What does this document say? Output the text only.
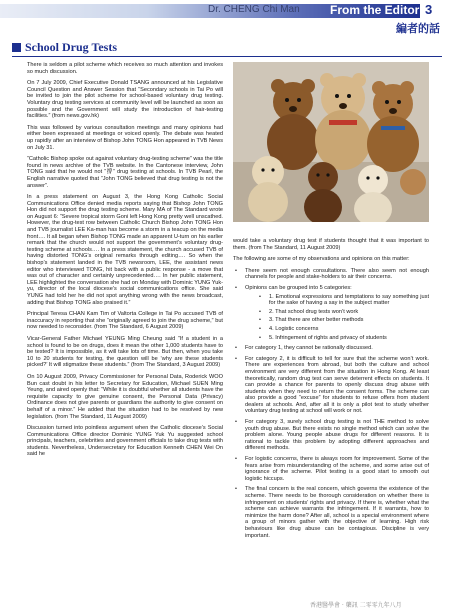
Dr. CHENG Chi Man	From the Editor 3
編者的話
School Drug Tests

There is seldom a pilot scheme which receives so much attention and invokes so much discussion.

On 7 July 2009, Chief Executive Donald TSANG announced at his Legislative Council Question and Answer Session that “Secondary schools in Tai Po will be invited to join the pilot scheme for school-based voluntary drug testing. Voluntary drug testing services at community level will be launched as soon as possible and the Government will study the introduction of hair-testing facilities.” (from news.gov.hk)

This was followed by various consultation meetings and many opinions had either been expressed at meetings or voiced openly. The debate was heated up rapidly after an interview of Bishop John TONG Hon appeared in TVB News on July 31.

“Catholic Bishop spoke out against voluntary drug-testing scheme” was the title found in news archive of the TVB website. In the Cantonese interview, John TONG said that he would not “撐” drug testing at schools. In TVB Pearl, the English narrative quoted that “John TONG believed that drug testing is not the answer”.

In a press statement on August 3, the Hong Kong Catholic Social Communications Office denied media reports saying that Bishop John TONG Hon did not support the drug testing scheme. Mary MA of The Standard wrote on August 6: “Severe tropical storm Goni left Hong Kong pretty well unscathed. However, the drug-test row between Catholic Church Bishop John TONG Hon and TVB journalist LEE Ka-man has become a storm in a teacup on the media front…. It all began when Bishop TONG made an apparent U-turn on his earlier remark that the church would not support the government’s voluntary drug-testing scheme at schools…. In a press statement, the church accused TVB of having distorted TONG’s original remarks through editing…. So when the bishop’s statement landed in the TVB newsroom, LEE, the assistant news editor who interviewed TONG, hit back with a public response - a move that was out of character and certainly unprecedented…. In her public statement, LEE highlighted the conversation she had on Monday with Dominic YUNG Yuk-yu, director of the local diocese’s social communications office. She said YUNG had told her he did not spot anything wrong with the news broadcast, adding that Bishop TONG also praised it.”

Principal Teresa CHAN Kam Tim of Valtorta College in Tai Po accused TVB of inaccuracy in reporting that she “originally agreed to join the drug scheme,” but now needed to reconsider. (from The Standard, 6 August 2009)

Vicar-General Father Michael YEUNG Ming Cheung said “If a student in a school is found to be on drugs, does it mean the other 1,000 students have to be tested? It is impossible, as it will take lots of time. But then, when you take 10 to 20 students for testing, the question will be ‘why are these students picked?’ It will stigmatize these students.” (from The Standard, 3 August 2009)

On 10 August 2009, Privacy Commissioner for Personal Data, Roderick WOO Bun cast doubt in his letter to Secretary for Education, Michael SUEN Ming Yeung, and aired openly that: “While it is doubtful whether all students have the requisite capacity to give genuine consent, the Personal Data (Privacy) Ordinance does not give parents or guardians the authority to give consent on behalf of a minor.” He added that the situation had to be resolved by new legislation. (from The Standard, 11 August 2009)

Discussion turned into pointless argument when the Catholic diocese’s Social Communications Office director Dominic YUNG Yuk Yu suggested school principals, teachers, celebrities and government officials to take drug tests with students. Nevertheless, Undersecretary for Education Kenneth CHEN Wei On said he

would take a voluntary drug test if students thought that it was important to them. (from The Standard, 11 August 2009)

The following are some of my observations and opinions on this matter:

• There seem not enough consultations. There also seem not enough channels for people and stake-holders to air their concerns.
• Opinions can be grouped into 5 categories:
• 1. Emotional expressions and temptations to say something just for the sake of having a say in the subject matter
• 2. That school drug tests won’t work
• 3. That there are other better methods
• 4. Logistic concerns
• 5. Infringement of rights and privacy of students
• For category 1, they cannot be rationally discussed.
• For category 2, it is difficult to tell for sure that the scheme won’t work. There are experiences from abroad, but both the culture and school environment are very different from the situation in Hong Kong. At least theoretically, random drug test can serve deterrent effects on students. It can provide a chance for parents to openly discuss drug abuse with students when they need to return the consent forms. The scheme can also provide a good “excuse” for students to refuse offers from student dealers at schools. And, after all it is only a pilot test to study whether voluntary drug testing at school will work or not.
• For category 3, surely school drug testing is not THE method to solve youth drug abuse. But there exists no single method which can solve the problem alone. Young people abuse drugs for different reasons. It is rational to tackle this problem by adopting different approaches and different methods.
• For logistic concerns, there is always room for improvement. Some of the fears arise from misunderstanding of the scheme, and some arise out of ignorance of the scheme. Pilot testing is a good start to smooth out logistic hiccups.
• The final concern is the real concern, which governs the existence of the scheme. There needs to be thorough consideration on whether there is infringement on students’ rights and privacy. If there is, whether what the scheme can achieve warrants the infringement. If it warrants, how to minimize the harm done? After all, school is a special environment where a group of minors gather with the objective of learning. High risk behaviours like drug abuse can be contagious. Discipline is very important.
香港醫學會 · 藥訊 二零零九年八月
